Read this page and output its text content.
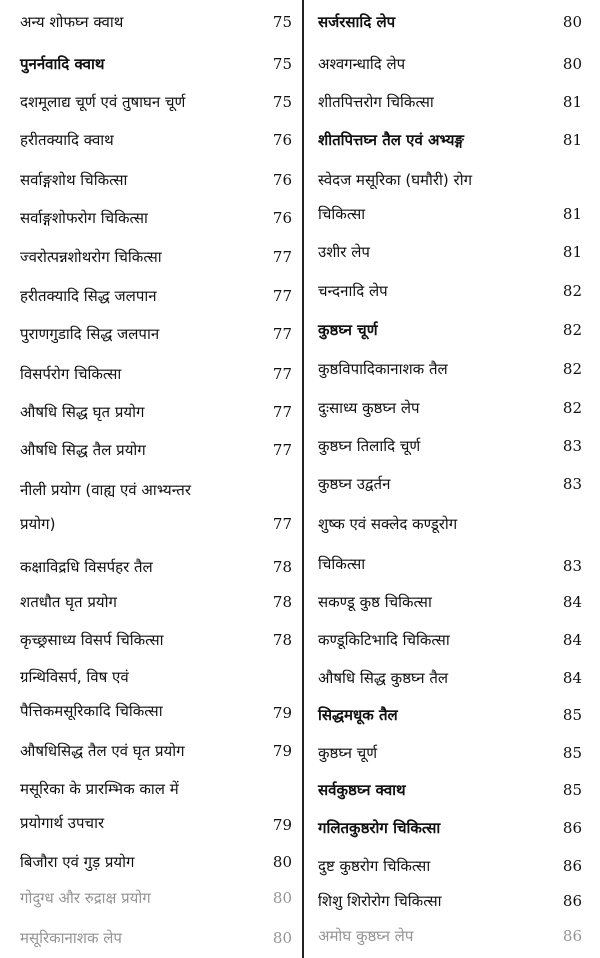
अन्य शोफघ्न क्वाथ	75
पुनर्नवादि क्वाथ	75
दशमूलाद्य चूर्ण एवं तुषाघन चूर्ण	75
हरीतक्यादि क्वाथ	76
सर्वाङ्गशोथ चिकित्सा	76
सर्वाङ्गशोफरोग चिकित्सा	76
ज्वरोत्पन्नशोथरोग चिकित्सा	77
हरीतक्यादि सिद्ध जलपान	77
पुराणगुडादि सिद्ध जलपान	77
विसर्परोग चिकित्सा	77
औषधि सिद्ध घृत प्रयोग	77
औषधि सिद्ध तैल प्रयोग	77
नीली प्रयोग (वाह्य एवं आभ्यन्तर
प्रयोग)	77
कक्षाविद्रधि विसर्पहर तैल	78
शतधौत घृत प्रयोग	78
कृच्छ्रसाध्य विसर्प चिकित्सा	78
ग्रन्थिविसर्प, विष एवं
पैत्तिकमसूरिकादि चिकित्सा	79
औषधिसिद्ध तैल एवं घृत प्रयोग	79
मसूरिका के प्रारम्भिक काल में
प्रयोगार्थ उपचार	79
बिजौरा एवं गुड़ प्रयोग	80
गोदुग्ध और रुद्राक्ष प्रयोग	80
मसूरिकानाशक लेप	80
सर्जरसादि लेप	80
अश्वगन्धादि लेप	80
शीतपित्तरोग चिकित्सा	81
शीतपित्तघ्न तैल एवं अभ्यङ्ग	81
स्वेदज मसूरिका (घमौरी) रोग
चिकित्सा	81
उशीर लेप	81
चन्दनादि लेप	82
कुष्ठघ्न चूर्ण	82
कुष्ठविपादिकानाशक तैल	82
दुःसाध्य कुष्ठघ्न लेप	82
कुष्ठघ्न तिलादि चूर्ण	83
कुष्ठघ्न उद्वर्तन	83
शुष्क एवं सक्लेद कण्डूरोग
चिकित्सा	83
सकण्डू कुष्ठ चिकित्सा	84
कण्डूकिटिभादि चिकित्सा	84
औषधि सिद्ध कुष्ठघ्न तैल	84
सिद्धमधूक तैल	85
कुष्ठघ्न चूर्ण	85
सर्वकुष्ठघ्न क्वाथ	85
गलितकुष्ठरोग चिकित्सा	86
दुष्ट कुष्ठरोग चिकित्सा	86
शिशु शिरोरोग चिकित्सा	86
अमोघ कुष्ठघ्न लेप	86
